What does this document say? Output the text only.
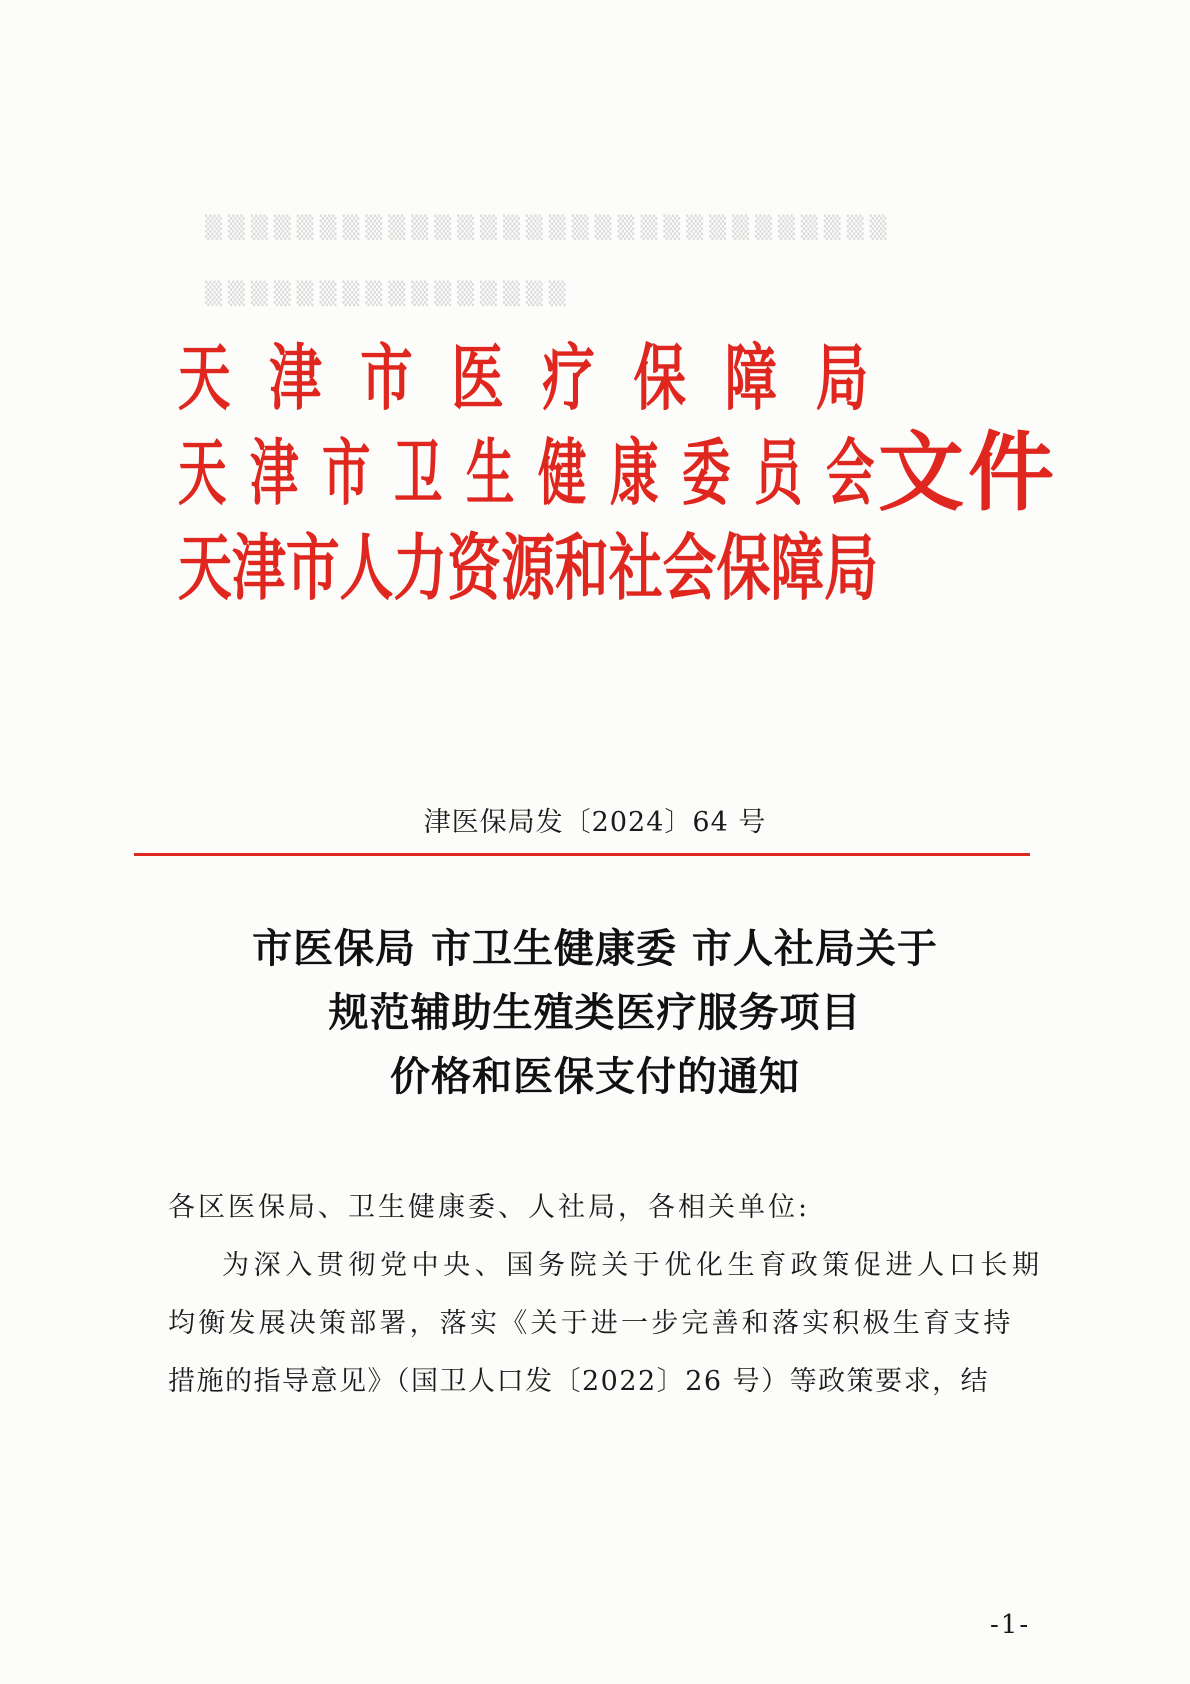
▒▒▒▒▒▒▒▒▒▒▒▒▒▒▒▒▒▒▒▒▒▒▒▒▒▒▒▒▒▒
▒▒▒▒▒▒▒▒▒▒▒▒▒▒▒▒
天 津 市 医 疗 保 障 局
天 津 市 卫 生 健 康 委 员 会
天津市人力资源和社会保障局
文件
津医保局发〔2024〕64 号
市医保局 市卫生健康委 市人社局关于
规范辅助生殖类医疗服务项目
价格和医保支付的通知
各区医保局、卫生健康委、人社局，各相关单位:
为深入贯彻党中央、国务院关于优化生育政策促进人口长期
均衡发展决策部署，落实《关于进一步完善和落实积极生育支持
措施的指导意见》（国卫人口发〔2022〕26 号）等政策要求，结
-1-
